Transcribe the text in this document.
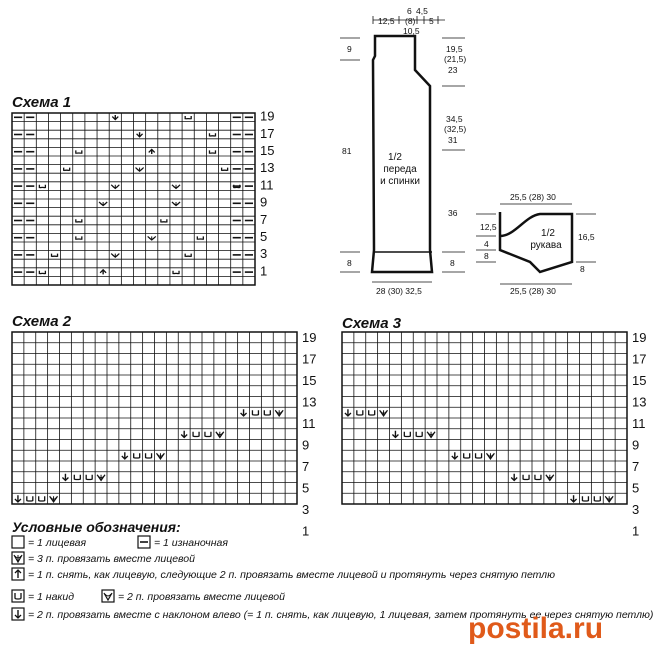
Схема 1
Схема 2	Схема 3
19
17
15
13
11
9
7
5
3
1
19
17
15
13
11
9
7
5
3
1
19
17
15
13
11
9
7
5
3
1
12,5
6 4,5
(8)
10,5
5
9
81
8
19,5
(21,5)
23
34,5
(32,5)
31
36
8
1/2
переда
и спинки
28 (30) 32,5
25,5 (28) 30
12,5
4
8
16,5
8
1/2
рукава
25,5 (28) 30
Условные обозначения:
= 1 лицевая	= 1 изнаночная
= 3 п. провязать вместе лицевой
= 1 п. снять, как лицевую, следующие 2 п. провязать вместе лицевой и протянуть через снятую петлю
= 1 накид	= 2 п. провязать вместе лицевой
= 2 п. провязать вместе с наклоном влево (= 1 п. снять, как лицевую, 1 лицевая, затем протянуть ее через снятую петлю)
postila.ru
